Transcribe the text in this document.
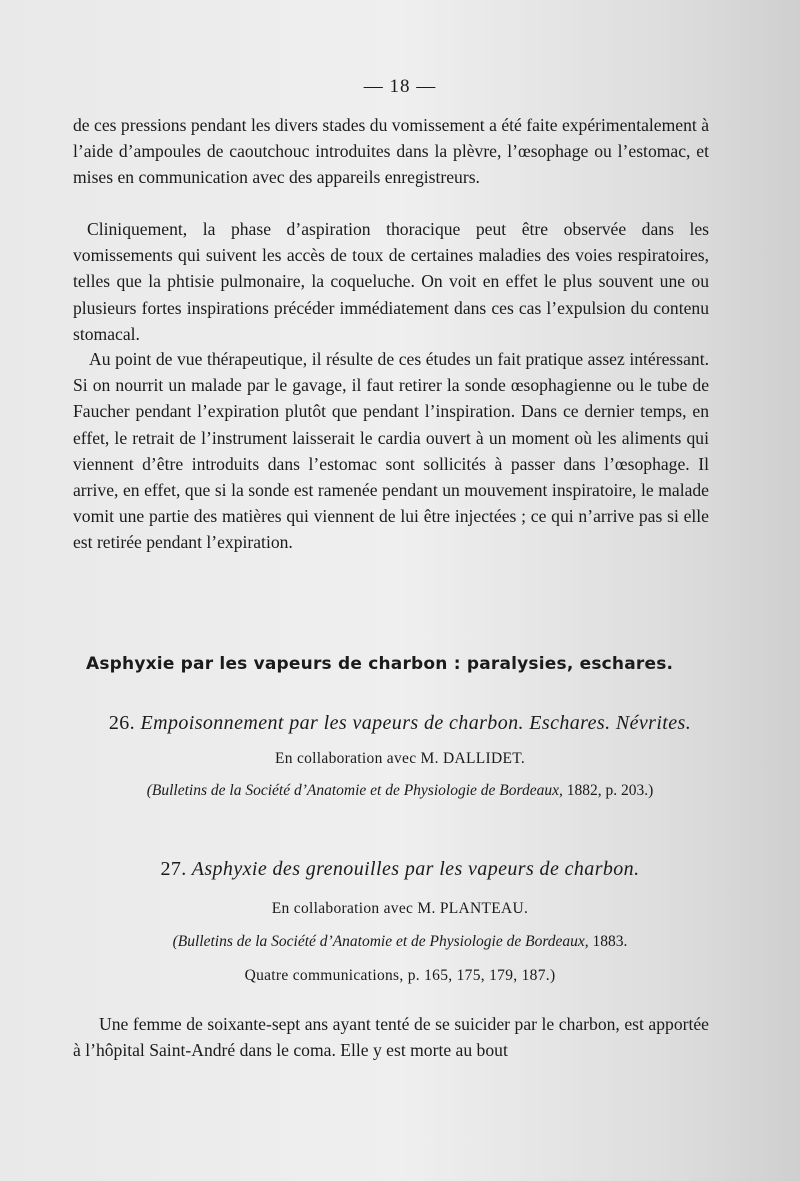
— 18 —

de ces pressions pendant les divers stades du vomissement a été faite expérimentalement à l’aide d’ampoules de caoutchouc introduites dans la plèvre, l’œsophage ou l’estomac, et mises en communication avec des appareils enregistreurs.

Cliniquement, la phase d’aspiration thoracique peut être observée dans les vomissements qui suivent les accès de toux de certaines maladies des voies respiratoires, telles que la phtisie pulmonaire, la coqueluche. On voit en effet le plus souvent une ou plusieurs fortes inspirations précéder immédiatement dans ces cas l’expulsion du contenu stomacal.

Au point de vue thérapeutique, il résulte de ces études un fait pratique assez intéressant. Si on nourrit un malade par le gavage, il faut retirer la sonde œsophagienne ou le tube de Faucher pendant l’expiration plutôt que pendant l’inspiration. Dans ce dernier temps, en effet, le retrait de l’instrument laisserait le cardia ouvert à un moment où les aliments qui viennent d’être introduits dans l’estomac sont sollicités à passer dans l’œsophage. Il arrive, en effet, que si la sonde est ramenée pendant un mouvement inspiratoire, le malade vomit une partie des matières qui viennent de lui être injectées ; ce qui n’arrive pas si elle est retirée pendant l’expiration.

Asphyxie par les vapeurs de charbon : paralysies, eschares.
26. Empoisonnement par les vapeurs de charbon. Eschares. Névrites.
En collaboration avec M. DALLIDET.
(Bulletins de la Société d’Anatomie et de Physiologie de Bordeaux, 1882, p. 203.)
27. Asphyxie des grenouilles par les vapeurs de charbon.
En collaboration avec M. PLANTEAU.
(Bulletins de la Société d’Anatomie et de Physiologie de Bordeaux, 1883.
Quatre communications, p. 165, 175, 179, 187.)

Une femme de soixante-sept ans ayant tenté de se suicider par le charbon, est apportée à l’hôpital Saint-André dans le coma. Elle y est morte au bout
